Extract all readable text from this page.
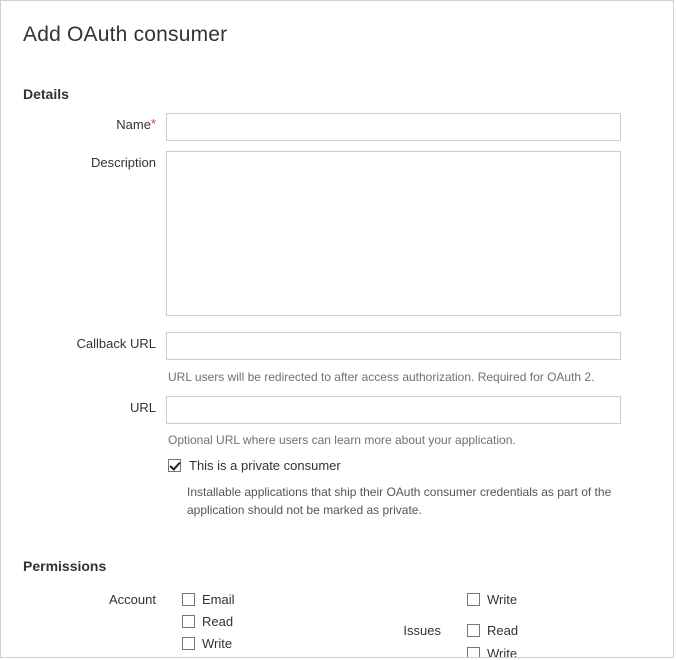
Add OAuth consumer
Details
Name*
Description
Callback URL
URL users will be redirected to after access authorization. Required for OAuth 2.
URL
Optional URL where users can learn more about your application.
This is a private consumer
Installable applications that ship their OAuth consumer credentials as part of the application should not be marked as private.
Permissions
Account	Email
Read
Write
Issues
Write
Read
Write
